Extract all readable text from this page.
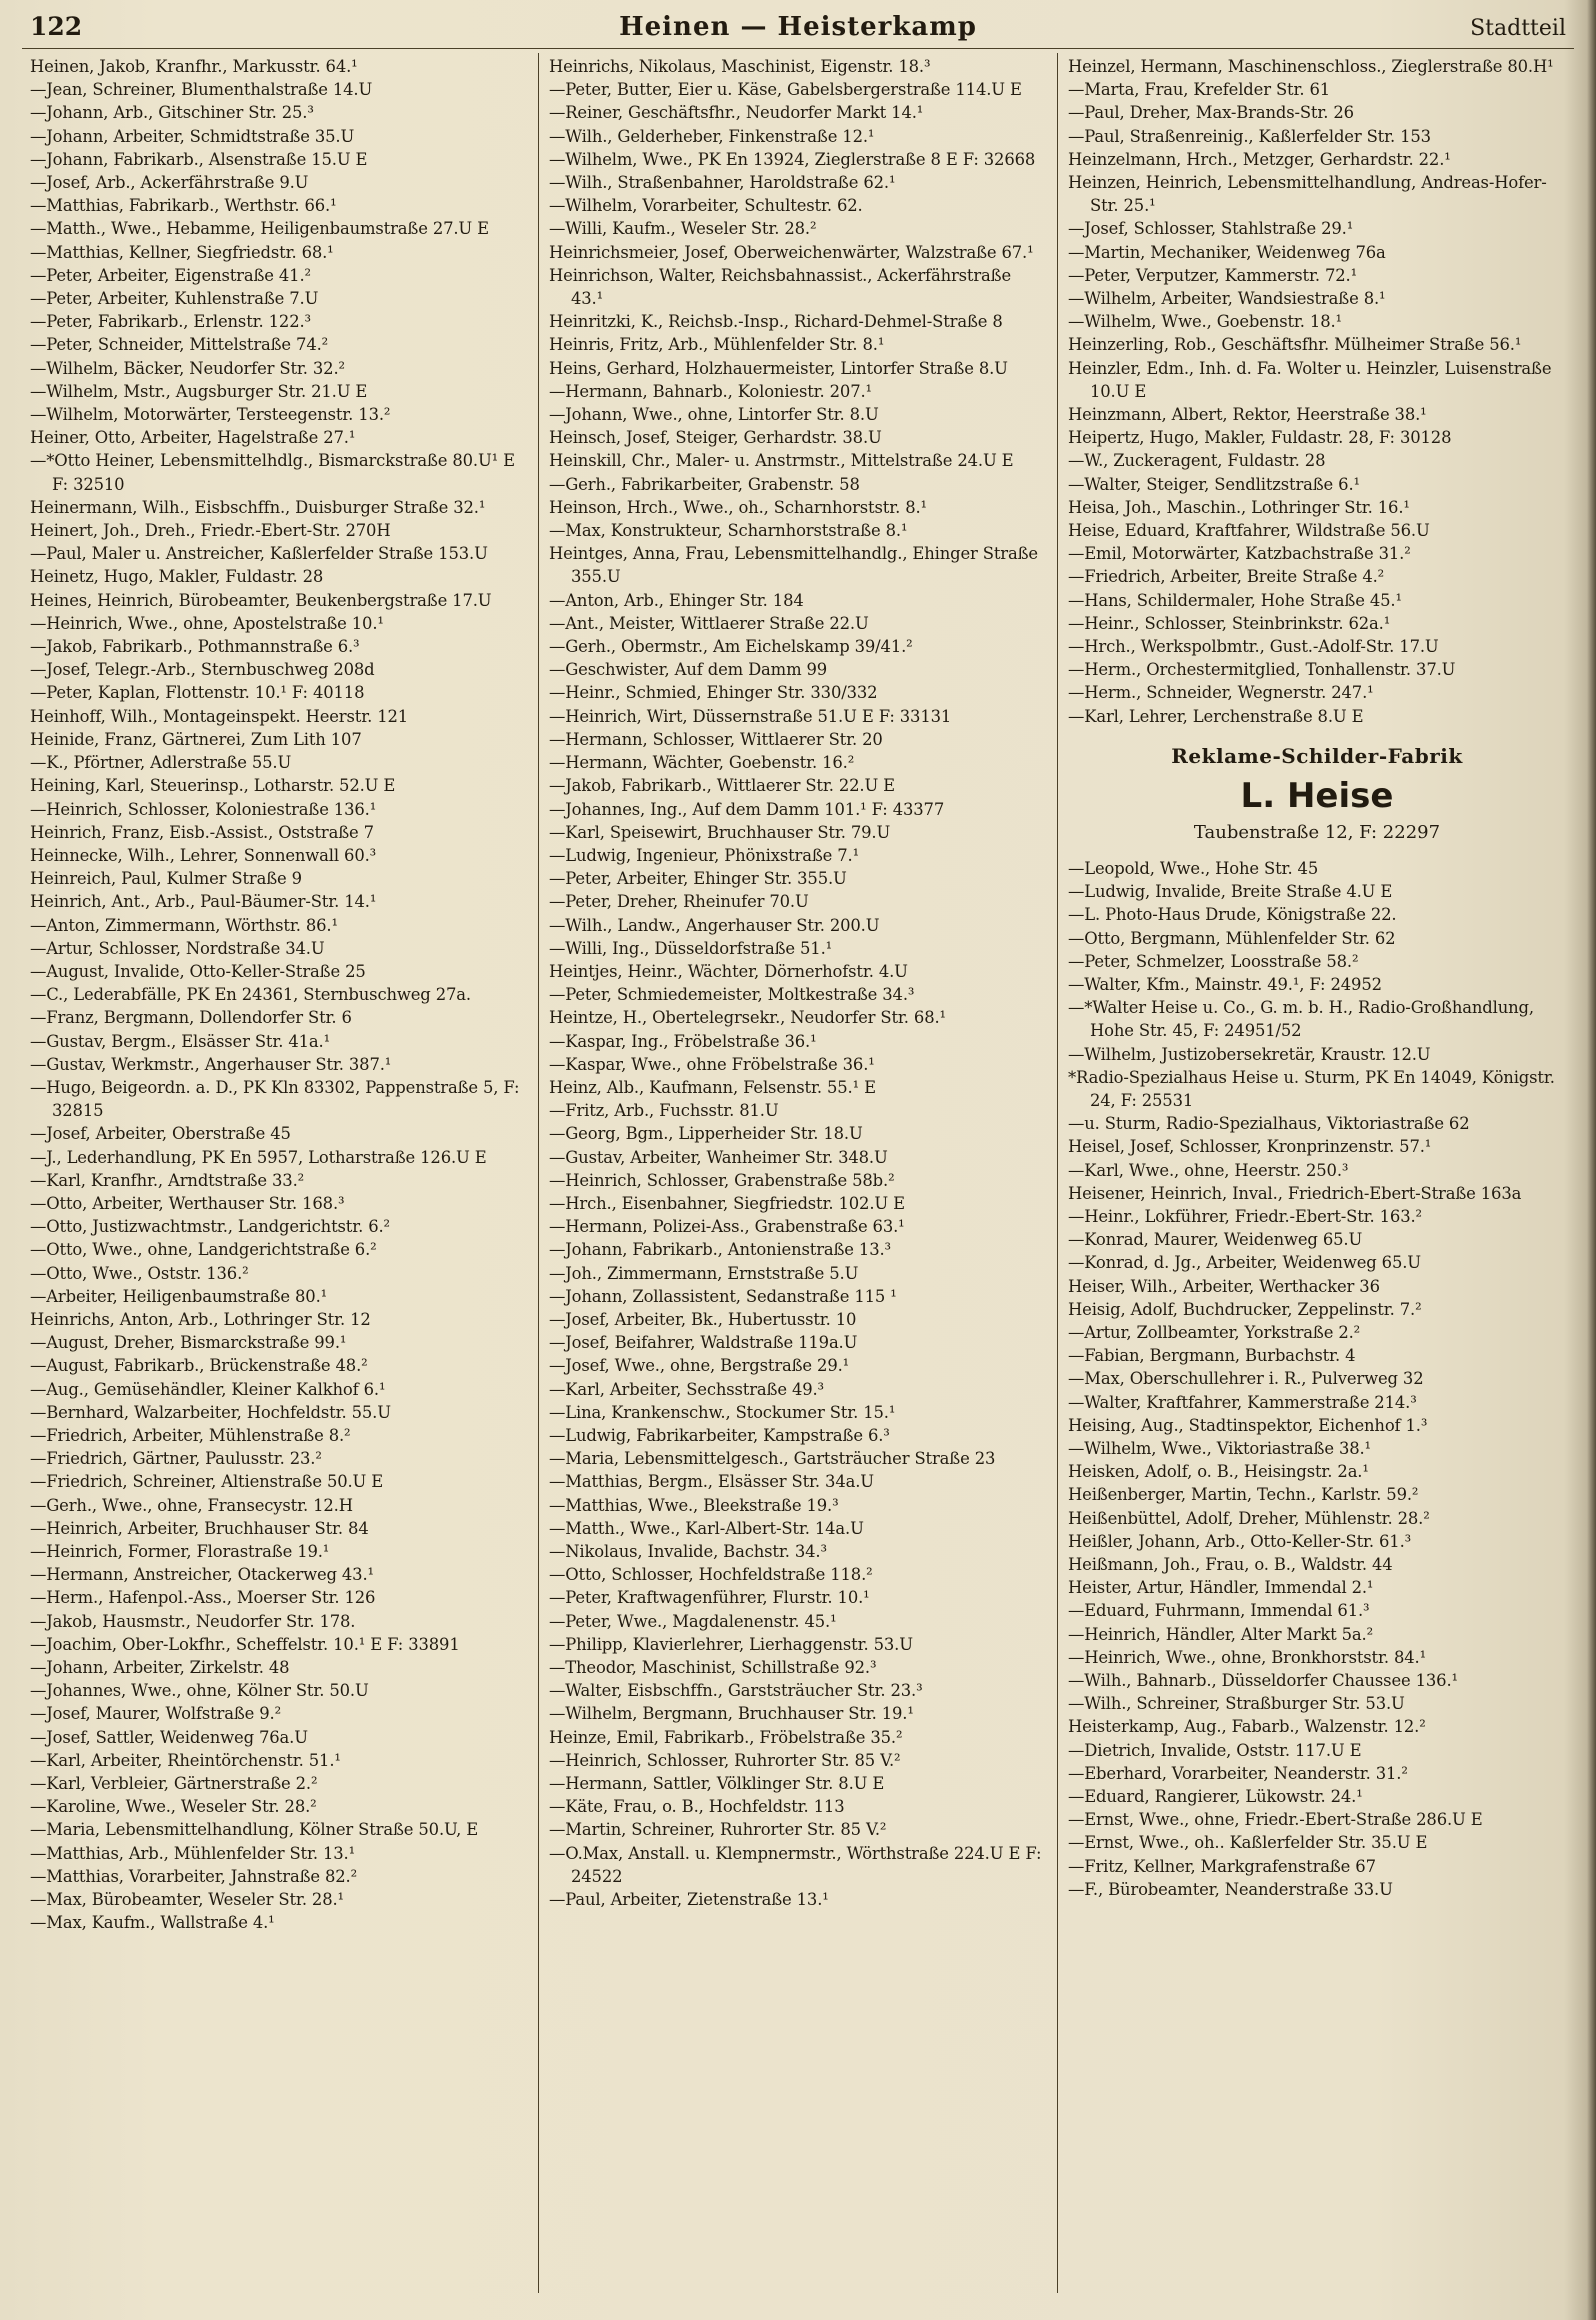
122	Heinen — Heisterkamp	Stadtteil

Heinen, Jakob, Kranfhr., Markusstr. 64.¹

—Jean, Schreiner, Blumenthalstraße 14.U

—Johann, Arb., Gitschiner Str. 25.³

—Johann, Arbeiter, Schmidtstraße 35.U

—Johann, Fabrikarb., Alsenstraße 15.U E

—Josef, Arb., Ackerfährstraße 9.U

—Matthias, Fabrikarb., Werthstr. 66.¹

—Matth., Wwe., Hebamme, Heiligenbaumstraße 27.U E

—Matthias, Kellner, Siegfriedstr. 68.¹

—Peter, Arbeiter, Eigenstraße 41.²

—Peter, Arbeiter, Kuhlenstraße 7.U

—Peter, Fabrikarb., Erlenstr. 122.³

—Peter, Schneider, Mittelstraße 74.²

—Wilhelm, Bäcker, Neudorfer Str. 32.²

—Wilhelm, Mstr., Augsburger Str. 21.U E

—Wilhelm, Motorwärter, Tersteegenstr. 13.²

Heiner, Otto, Arbeiter, Hagelstraße 27.¹

—*Otto Heiner, Lebensmittelhdlg., Bismarckstraße 80.U¹ E F: 32510

Heinermann, Wilh., Eisbschffn., Duisburger Straße 32.¹

Heinert, Joh., Dreh., Friedr.-Ebert-Str. 270H

—Paul, Maler u. Anstreicher, Kaßlerfelder Straße 153.U

Heinetz, Hugo, Makler, Fuldastr. 28

Heines, Heinrich, Bürobeamter, Beukenbergstraße 17.U

—Heinrich, Wwe., ohne, Apostelstraße 10.¹

—Jakob, Fabrikarb., Pothmannstraße 6.³

—Josef, Telegr.-Arb., Sternbuschweg 208d

—Peter, Kaplan, Flottenstr. 10.¹ F: 40118

Heinhoff, Wilh., Montageinspekt. Heerstr. 121

Heinide, Franz, Gärtnerei, Zum Lith 107

—K., Pförtner, Adlerstraße 55.U

Heining, Karl, Steuerinsp., Lotharstr. 52.U E

—Heinrich, Schlosser, Koloniestraße 136.¹

Heinrich, Franz, Eisb.-Assist., Oststraße 7

Heinnecke, Wilh., Lehrer, Sonnenwall 60.³

Heinreich, Paul, Kulmer Straße 9

Heinrich, Ant., Arb., Paul-Bäumer-Str. 14.¹

—Anton, Zimmermann, Wörthstr. 86.¹

—Artur, Schlosser, Nordstraße 34.U

—August, Invalide, Otto-Keller-Straße 25

—C., Lederabfälle, PK En 24361, Sternbuschweg 27a.

—Franz, Bergmann, Dollendorfer Str. 6

—Gustav, Bergm., Elsässer Str. 41a.¹

—Gustav, Werkmstr., Angerhauser Str. 387.¹

—Hugo, Beigeordn. a. D., PK Kln 83302, Pappenstraße 5, F: 32815

—Josef, Arbeiter, Oberstraße 45

—J., Lederhandlung, PK En 5957, Lotharstraße 126.U E

—Karl, Kranfhr., Arndtstraße 33.²

—Otto, Arbeiter, Werthauser Str. 168.³

—Otto, Justizwachtmstr., Landgerichtstr. 6.²

—Otto, Wwe., ohne, Landgerichtstraße 6.²

—Otto, Wwe., Oststr. 136.²

—Arbeiter, Heiligenbaumstraße 80.¹

Heinrichs, Anton, Arb., Lothringer Str. 12

—August, Dreher, Bismarckstraße 99.¹

—August, Fabrikarb., Brückenstraße 48.²

—Aug., Gemüsehändler, Kleiner Kalkhof 6.¹

—Bernhard, Walzarbeiter, Hochfeldstr. 55.U

—Friedrich, Arbeiter, Mühlenstraße 8.²

—Friedrich, Gärtner, Paulusstr. 23.²

—Friedrich, Schreiner, Altienstraße 50.U E

—Gerh., Wwe., ohne, Fransecystr. 12.H

—Heinrich, Arbeiter, Bruchhauser Str. 84

—Heinrich, Former, Florastraße 19.¹

—Hermann, Anstreicher, Otackerweg 43.¹

—Herm., Hafenpol.-Ass., Moerser Str. 126

—Jakob, Hausmstr., Neudorfer Str. 178.

—Joachim, Ober-Lokfhr., Scheffelstr. 10.¹ E F: 33891

—Johann, Arbeiter, Zirkelstr. 48

—Johannes, Wwe., ohne, Kölner Str. 50.U

—Josef, Maurer, Wolfstraße 9.²

—Josef, Sattler, Weidenweg 76a.U

—Karl, Arbeiter, Rheintörchenstr. 51.¹

—Karl, Verbleier, Gärtnerstraße 2.²

—Karoline, Wwe., Weseler Str. 28.²

—Maria, Lebensmittelhandlung, Kölner Straße 50.U, E

—Matthias, Arb., Mühlenfelder Str. 13.¹

—Matthias, Vorarbeiter, Jahnstraße 82.²

—Max, Bürobeamter, Weseler Str. 28.¹

—Max, Kaufm., Wallstraße 4.¹

Heinrichs, Nikolaus, Maschinist, Eigenstr. 18.³

—Peter, Butter, Eier u. Käse, Gabelsbergerstraße 114.U E

—Reiner, Geschäftsfhr., Neudorfer Markt 14.¹

—Wilh., Gelderheber, Finkenstraße 12.¹

—Wilhelm, Wwe., PK En 13924, Zieglerstraße 8 E F: 32668

—Wilh., Straßenbahner, Haroldstraße 62.¹

—Wilhelm, Vorarbeiter, Schultestr. 62.

—Willi, Kaufm., Weseler Str. 28.²

Heinrichsmeier, Josef, Oberweichenwärter, Walzstraße 67.¹

Heinrichson, Walter, Reichsbahnassist., Ackerfährstraße 43.¹

Heinritzki, K., Reichsb.-Insp., Richard-Dehmel-Straße 8

Heinris, Fritz, Arb., Mühlenfelder Str. 8.¹

Heins, Gerhard, Holzhauermeister, Lintorfer Straße 8.U

—Hermann, Bahnarb., Koloniestr. 207.¹

—Johann, Wwe., ohne, Lintorfer Str. 8.U

Heinsch, Josef, Steiger, Gerhardstr. 38.U

Heinskill, Chr., Maler- u. Anstrmstr., Mittelstraße 24.U E

—Gerh., Fabrikarbeiter, Grabenstr. 58

Heinson, Hrch., Wwe., oh., Scharnhorststr. 8.¹

—Max, Konstrukteur, Scharnhorststraße 8.¹

Heintges, Anna, Frau, Lebensmittelhandlg., Ehinger Straße 355.U

—Anton, Arb., Ehinger Str. 184

—Ant., Meister, Wittlaerer Straße 22.U

—Gerh., Obermstr., Am Eichelskamp 39/41.²

—Geschwister, Auf dem Damm 99

—Heinr., Schmied, Ehinger Str. 330/332

—Heinrich, Wirt, Düssernstraße 51.U E F: 33131

—Hermann, Schlosser, Wittlaerer Str. 20

—Hermann, Wächter, Goebenstr. 16.²

—Jakob, Fabrikarb., Wittlaerer Str. 22.U E

—Johannes, Ing., Auf dem Damm 101.¹ F: 43377

—Karl, Speisewirt, Bruchhauser Str. 79.U

—Ludwig, Ingenieur, Phönixstraße 7.¹

—Peter, Arbeiter, Ehinger Str. 355.U

—Peter, Dreher, Rheinufer 70.U

—Wilh., Landw., Angerhauser Str. 200.U

—Willi, Ing., Düsseldorfstraße 51.¹

Heintjes, Heinr., Wächter, Dörnerhofstr. 4.U

—Peter, Schmiedemeister, Moltkestraße 34.³

Heintze, H., Obertelegrsekr., Neudorfer Str. 68.¹

—Kaspar, Ing., Fröbelstraße 36.¹

—Kaspar, Wwe., ohne Fröbelstraße 36.¹

Heinz, Alb., Kaufmann, Felsenstr. 55.¹ E

—Fritz, Arb., Fuchsstr. 81.U

—Georg, Bgm., Lipperheider Str. 18.U

—Gustav, Arbeiter, Wanheimer Str. 348.U

—Heinrich, Schlosser, Grabenstraße 58b.²

—Hrch., Eisenbahner, Siegfriedstr. 102.U E

—Hermann, Polizei-Ass., Grabenstraße 63.¹

—Johann, Fabrikarb., Antonienstraße 13.³

—Joh., Zimmermann, Ernststraße 5.U

—Johann, Zollassistent, Sedanstraße 115 ¹

—Josef, Arbeiter, Bk., Hubertusstr. 10

—Josef, Beifahrer, Waldstraße 119a.U

—Josef, Wwe., ohne, Bergstraße 29.¹

—Karl, Arbeiter, Sechsstraße 49.³

—Lina, Krankenschw., Stockumer Str. 15.¹

—Ludwig, Fabrikarbeiter, Kampstraße 6.³

—Maria, Lebensmittelgesch., Gartsträucher Straße 23

—Matthias, Bergm., Elsässer Str. 34a.U

—Matthias, Wwe., Bleekstraße 19.³

—Matth., Wwe., Karl-Albert-Str. 14a.U

—Nikolaus, Invalide, Bachstr. 34.³

—Otto, Schlosser, Hochfeldstraße 118.²

—Peter, Kraftwagenführer, Flurstr. 10.¹

—Peter, Wwe., Magdalenenstr. 45.¹

—Philipp, Klavierlehrer, Lierhaggenstr. 53.U

—Theodor, Maschinist, Schillstraße 92.³

—Walter, Eisbschffn., Garststräucher Str. 23.³

—Wilhelm, Bergmann, Bruchhauser Str. 19.¹

Heinze, Emil, Fabrikarb., Fröbelstraße 35.²

—Heinrich, Schlosser, Ruhrorter Str. 85 V.²

—Hermann, Sattler, Völklinger Str. 8.U E

—Käte, Frau, o. B., Hochfeldstr. 113

—Martin, Schreiner, Ruhrorter Str. 85 V.²

—O.Max, Anstall. u. Klempnermstr., Wörthstraße 224.U E F: 24522

—Paul, Arbeiter, Zietenstraße 13.¹

Heinzel, Hermann, Maschinenschloss., Zieglerstraße 80.H¹

—Marta, Frau, Krefelder Str. 61

—Paul, Dreher, Max-Brands-Str. 26

—Paul, Straßenreinig., Kaßlerfelder Str. 153

Heinzelmann, Hrch., Metzger, Gerhardstr. 22.¹

Heinzen, Heinrich, Lebensmittelhandlung, Andreas-Hofer-Str. 25.¹

—Josef, Schlosser, Stahlstraße 29.¹

—Martin, Mechaniker, Weidenweg 76a

—Peter, Verputzer, Kammerstr. 72.¹

—Wilhelm, Arbeiter, Wandsiestraße 8.¹

—Wilhelm, Wwe., Goebenstr. 18.¹

Heinzerling, Rob., Geschäftsfhr. Mülheimer Straße 56.¹

Heinzler, Edm., Inh. d. Fa. Wolter u. Heinzler, Luisenstraße 10.U E

Heinzmann, Albert, Rektor, Heerstraße 38.¹

Heipertz, Hugo, Makler, Fuldastr. 28, F: 30128

—W., Zuckeragent, Fuldastr. 28

—Walter, Steiger, Sendlitzstraße 6.¹

Heisa, Joh., Maschin., Lothringer Str. 16.¹

Heise, Eduard, Kraftfahrer, Wildstraße 56.U

—Emil, Motorwärter, Katzbachstraße 31.²

—Friedrich, Arbeiter, Breite Straße 4.²

—Hans, Schildermaler, Hohe Straße 45.¹

—Heinr., Schlosser, Steinbrinkstr. 62a.¹

—Hrch., Werkspolbmtr., Gust.-Adolf-Str. 17.U

—Herm., Orchestermitglied, Tonhallenstr. 37.U

—Herm., Schneider, Wegnerstr. 247.¹

—Karl, Lehrer, Lerchenstraße 8.U E

Reklame-Schilder-Fabrik
L. Heise
Taubenstraße 12, F: 22297

—Leopold, Wwe., Hohe Str. 45

—Ludwig, Invalide, Breite Straße 4.U E

—L. Photo-Haus Drude, Königstraße 22.

—Otto, Bergmann, Mühlenfelder Str. 62

—Peter, Schmelzer, Loosstraße 58.²

—Walter, Kfm., Mainstr. 49.¹, F: 24952

—*Walter Heise u. Co., G. m. b. H., Radio-Großhandlung, Hohe Str. 45, F: 24951/52

—Wilhelm, Justizobersekretär, Kraustr. 12.U

*Radio-Spezialhaus Heise u. Sturm, PK En 14049, Königstr. 24, F: 25531

—u. Sturm, Radio-Spezialhaus, Viktoriastraße 62

Heisel, Josef, Schlosser, Kronprinzenstr. 57.¹

—Karl, Wwe., ohne, Heerstr. 250.³

Heisener, Heinrich, Inval., Friedrich-Ebert-Straße 163a

—Heinr., Lokführer, Friedr.-Ebert-Str. 163.²

—Konrad, Maurer, Weidenweg 65.U

—Konrad, d. Jg., Arbeiter, Weidenweg 65.U

Heiser, Wilh., Arbeiter, Werthacker 36

Heisig, Adolf, Buchdrucker, Zeppelinstr. 7.²

—Artur, Zollbeamter, Yorkstraße 2.²

—Fabian, Bergmann, Burbachstr. 4

—Max, Oberschullehrer i. R., Pulverweg 32

—Walter, Kraftfahrer, Kammerstraße 214.³

Heising, Aug., Stadtinspektor, Eichenhof 1.³

—Wilhelm, Wwe., Viktoriastraße 38.¹

Heisken, Adolf, o. B., Heisingstr. 2a.¹

Heißenberger, Martin, Techn., Karlstr. 59.²

Heißenbüttel, Adolf, Dreher, Mühlenstr. 28.²

Heißler, Johann, Arb., Otto-Keller-Str. 61.³

Heißmann, Joh., Frau, o. B., Waldstr. 44

Heister, Artur, Händler, Immendal 2.¹

—Eduard, Fuhrmann, Immendal 61.³

—Heinrich, Händler, Alter Markt 5a.²

—Heinrich, Wwe., ohne, Bronkhorststr. 84.¹

—Wilh., Bahnarb., Düsseldorfer Chaussee 136.¹

—Wilh., Schreiner, Straßburger Str. 53.U

Heisterkamp, Aug., Fabarb., Walzenstr. 12.²

—Dietrich, Invalide, Oststr. 117.U E

—Eberhard, Vorarbeiter, Neanderstr. 31.²

—Eduard, Rangierer, Lükowstr. 24.¹

—Ernst, Wwe., ohne, Friedr.-Ebert-Straße 286.U E

—Ernst, Wwe., oh.. Kaßlerfelder Str. 35.U E

—Fritz, Kellner, Markgrafenstraße 67

—F., Bürobeamter, Neanderstraße 33.U
